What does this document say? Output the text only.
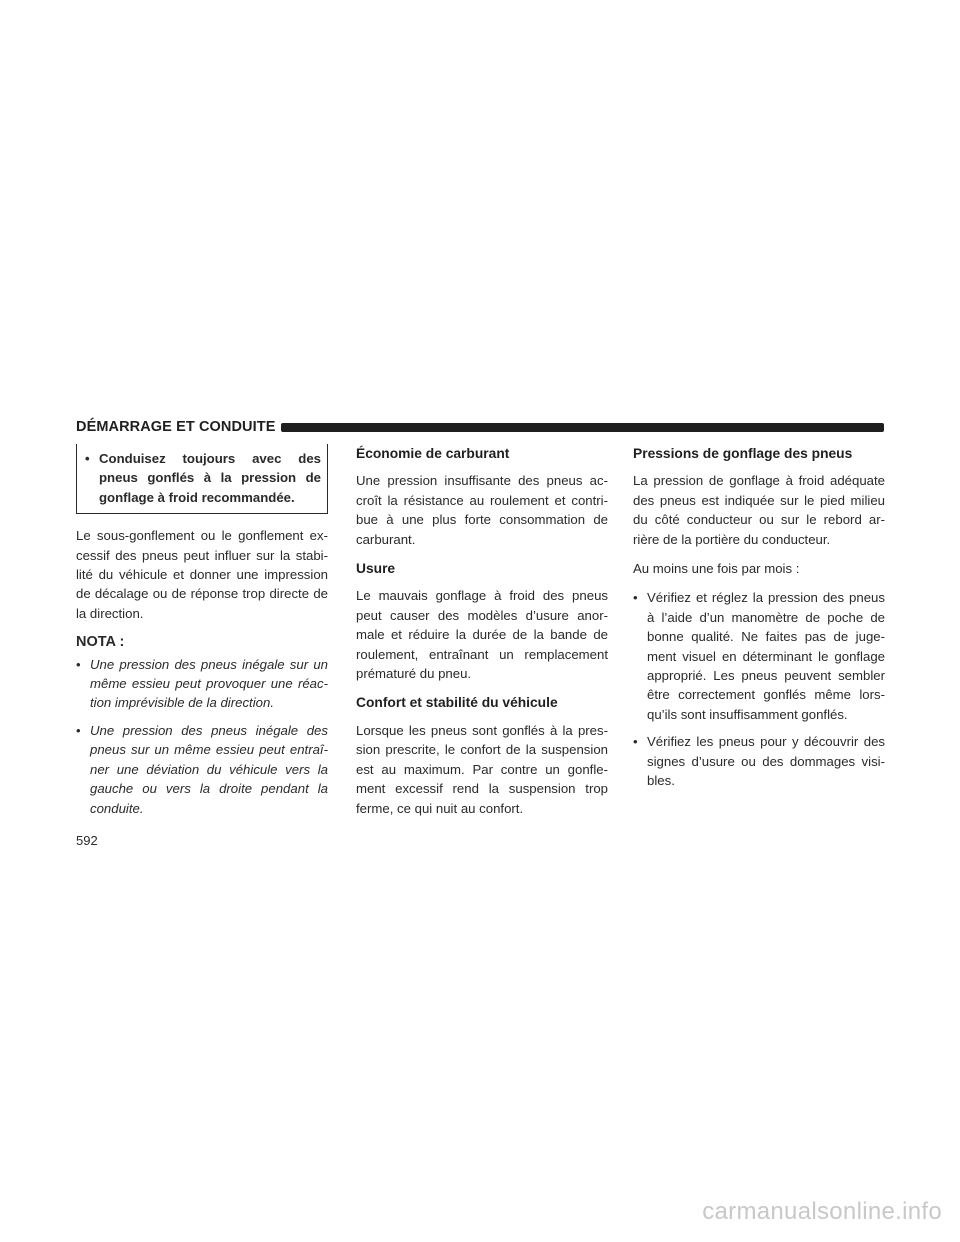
DÉMARRAGE ET CONDUITE
• Conduisez toujours avec des pneus gonflés à la pression de gonflage à froid recommandée.

Le sous-gonflement ou le gonflement ex-cessif des pneus peut influer sur la stabi-lité du véhicule et donner une impression de décalage ou de réponse trop directe de la direction.

NOTA :
• Une pression des pneus inégale sur un même essieu peut provoquer une réac-tion imprévisible de la direction.
• Une pression des pneus inégale des pneus sur un même essieu peut entraî-ner une déviation du véhicule vers la gauche ou vers la droite pendant la conduite.
Économie de carburant

Une pression insuffisante des pneus ac-croît la résistance au roulement et contri-bue à une plus forte consommation de carburant.

Usure

Le mauvais gonflage à froid des pneus peut causer des modèles d’usure anor-male et réduire la durée de la bande de roulement, entraînant un remplacement prématuré du pneu.

Confort et stabilité du véhicule

Lorsque les pneus sont gonflés à la pres-sion prescrite, le confort de la suspension est au maximum. Par contre un gonfle-ment excessif rend la suspension trop ferme, ce qui nuit au confort.

Pressions de gonflage des pneus

La pression de gonflage à froid adéquate des pneus est indiquée sur le pied milieu du côté conducteur ou sur le rebord ar-rière de la portière du conducteur.

Au moins une fois par mois :

• Vérifiez et réglez la pression des pneus à l’aide d’un manomètre de poche de bonne qualité. Ne faites pas de juge-ment visuel en déterminant le gonflage approprié. Les pneus peuvent sembler être correctement gonflés même lors-qu’ils sont insuffisamment gonflés.
• Vérifiez les pneus pour y découvrir des signes d’usure ou des dommages visi-bles.
592
carmanualsonline.info
